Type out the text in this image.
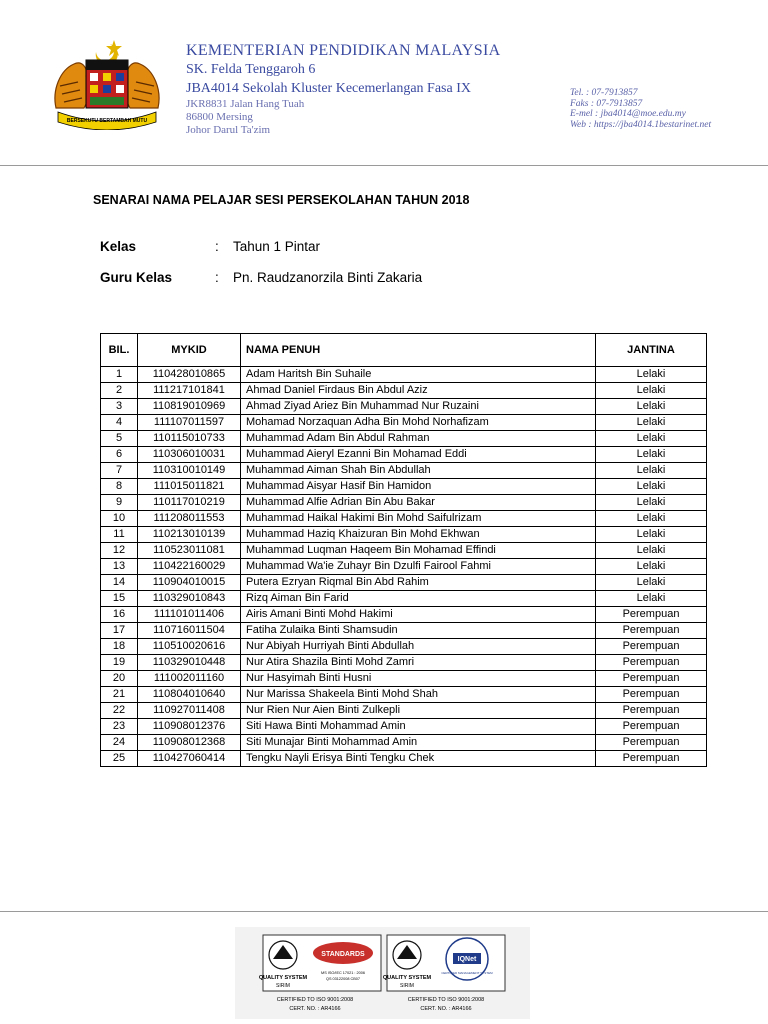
BERSEKUTU BERTAMBAH MUTU
KEMENTERIAN PENDIDIKAN MALAYSIA
SK. Felda Tenggaroh 6
JBA4014 Sekolah Kluster Kecemerlangan Fasa IX
JKR8831 Jalan Hang Tuah
86800 Mersing
Johor Darul Ta'zim
Tel. : 07-7913857
Faks : 07-7913857
E-mel : jba4014@moe.edu.my
Web : https://jba4014.1bestarinet.net
SENARAI NAMA PELAJAR SESI PERSEKOLAHAN TAHUN 2018
Kelas	: Tahun 1 Pintar
Guru Kelas	: Pn. Raudzanorzila Binti Zakaria
BIL.	MYKID	NAMA PENUH	JANTINA
1	110428010865	Adam Haritsh Bin Suhaile	Lelaki
2	111217101841	Ahmad Daniel Firdaus Bin Abdul Aziz	Lelaki
3	110819010969	Ahmad Ziyad Ariez Bin Muhammad Nur Ruzaini	Lelaki
4	111107011597	Mohamad Norzaquan Adha Bin Mohd Norhafizam	Lelaki
5	110115010733	Muhammad Adam Bin Abdul Rahman	Lelaki
6	110306010031	Muhammad Aieryl Ezanni Bin Mohamad Eddi	Lelaki
7	110310010149	Muhammad Aiman Shah Bin Abdullah	Lelaki
8	111015011821	Muhammad Aisyar Hasif Bin Hamidon	Lelaki
9	110117010219	Muhammad Alfie Adrian Bin Abu Bakar	Lelaki
10	111208011553	Muhammad Haikal Hakimi Bin Mohd Saifulrizam	Lelaki
11	110213010139	Muhammad Haziq Khaizuran Bin Mohd Ekhwan	Lelaki
12	110523011081	Muhammad Luqman Haqeem Bin Mohamad Effindi	Lelaki
13	110422160029	Muhammad Wa'ie Zuhayr Bin Dzulfi Fairool Fahmi	Lelaki
14	110904010015	Putera Ezryan Riqmal Bin Abd Rahim	Lelaki
15	110329010843	Rizq Aiman Bin Farid	Lelaki
16	111101011406	Airis Amani Binti Mohd Hakimi	Perempuan
17	110716011504	Fatiha Zulaika Binti Shamsudin	Perempuan
18	110510020616	Nur Abiyah Hurriyah Binti Abdullah	Perempuan
19	110329010448	Nur Atira Shazila Binti Mohd Zamri	Perempuan
20	111002011160	Nur Hasyimah Binti Husni	Perempuan
21	110804010640	Nur Marissa Shakeela Binti Mohd Shah	Perempuan
22	110927011408	Nur Rien Nur Aien Binti Zulkepli	Perempuan
23	110908012376	Siti Hawa Binti Mohammad Amin	Perempuan
24	110908012368	Siti Munajar Binti Mohammad Amin	Perempuan
25	110427060414	Tengku Nayli Erisya Binti Tengku Chek	Perempuan
QUALITY SYSTEM
SIRIM
STANDARDS
MS ISO/IEC 17021 : 2006
QS 03122008 CB07
CERTIFIED TO ISO 9001:2008
CERT. NO. : AR4166
QUALITY SYSTEM
SIRIM
IQNet
CERTIFIED MANAGEMENT SYSTEM
CERTIFIED TO ISO 9001:2008
CERT. NO. : AR4166
